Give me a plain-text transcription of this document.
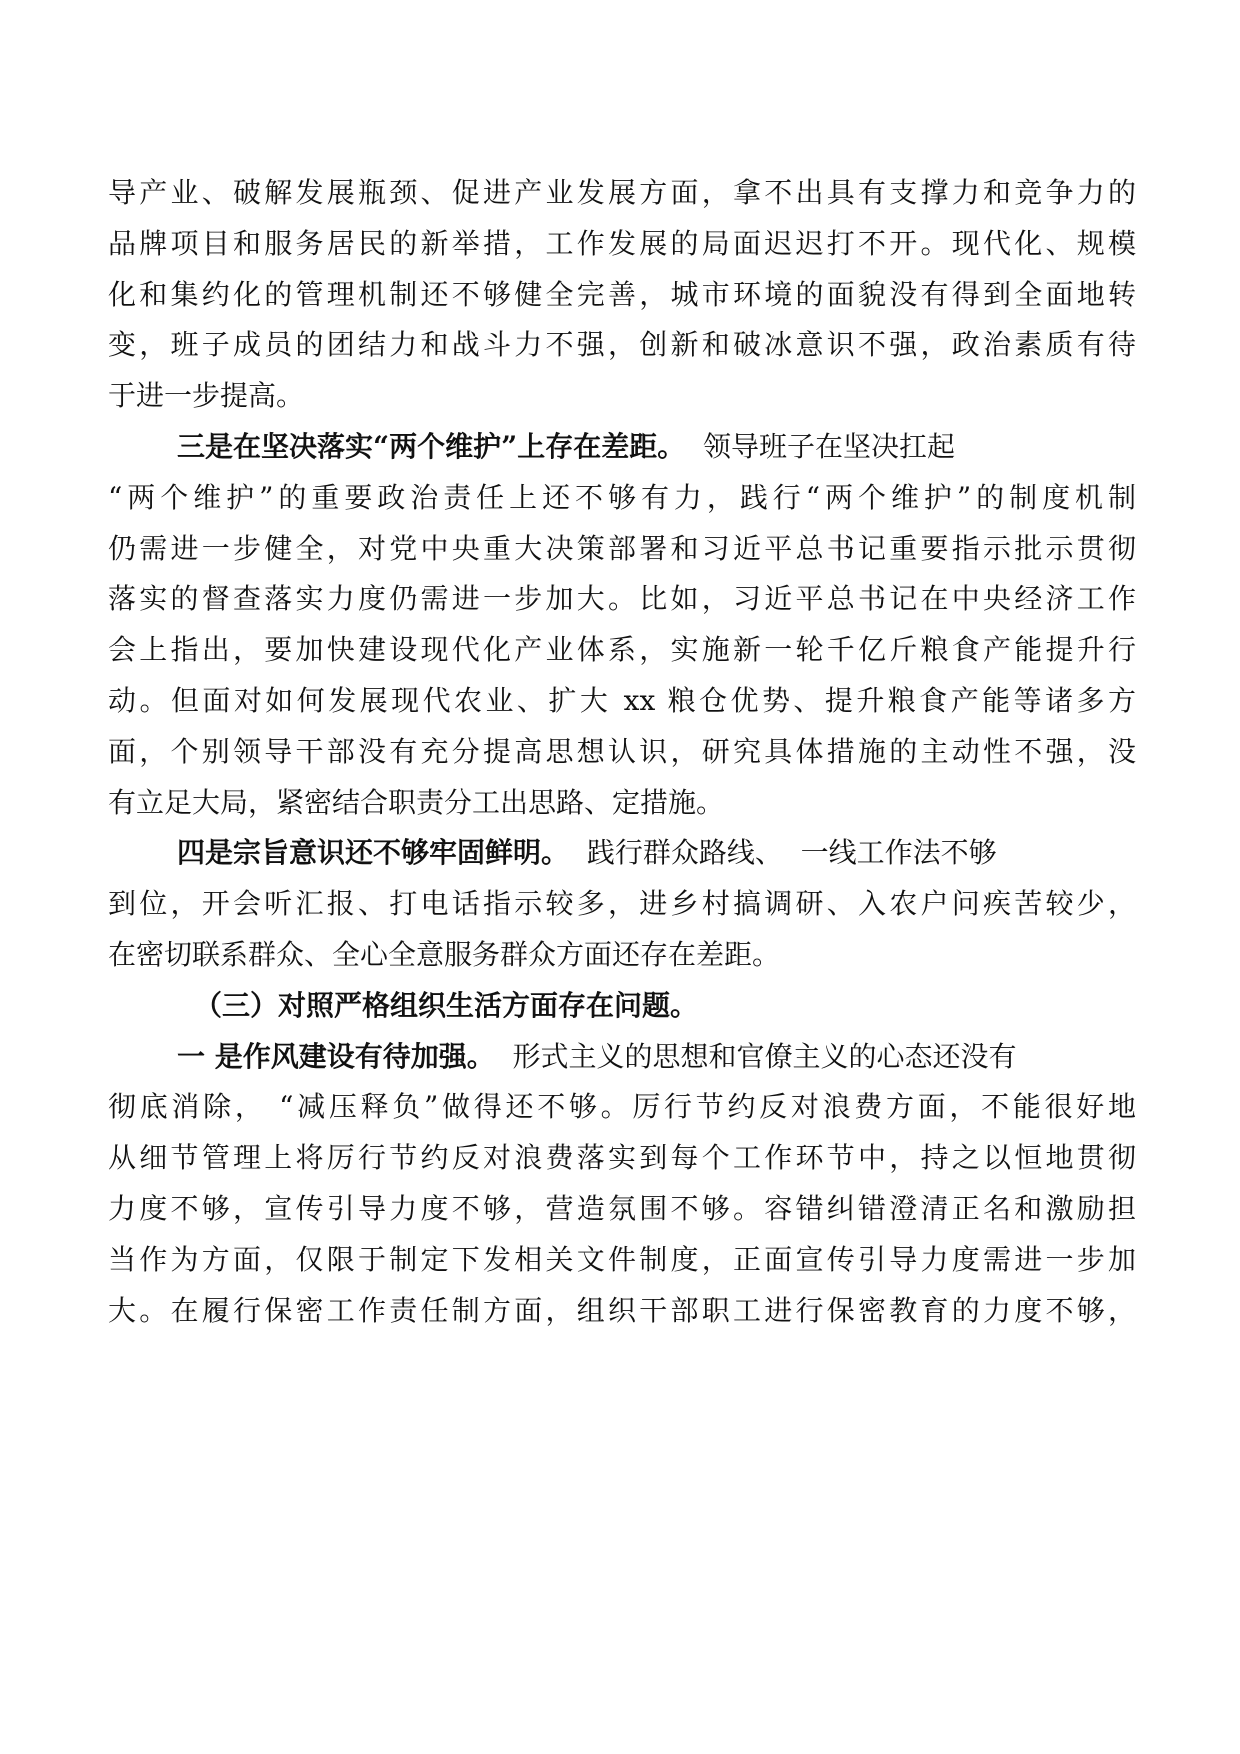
导产业、破解发展瓶颈、促进产业发展方面，拿不出具有支撑力和竞争力的
品牌项目和服务居民的新举措，工作发展的局面迟迟打不开。现代化、规模
化和集约化的管理机制还不够健全完善，城市环境的面貌没有得到全面地转
变，班子成员的团结力和战斗力不强，创新和破冰意识不强，政治素质有待
于进一步提高。
三是在坚决落实“两个维护”上存在差距。  领导班子在坚决扛起
“两个维护”的重要政治责任上还不够有力，践行“两个维护”的制度机制
仍需进一步健全，对党中央重大决策部署和习近平总书记重要指示批示贯彻
落实的督查落实力度仍需进一步加大。比如，习近平总书记在中央经济工作
会上指出，要加快建设现代化产业体系，实施新一轮千亿斤粮食产能提升行
动。但面对如何发展现代农业、扩大 xx 粮仓优势、提升粮食产能等诸多方
面，个别领导干部没有充分提高思想认识，研究具体措施的主动性不强，没
有立足大局，紧密结合职责分工出思路、定措施。
四是宗旨意识还不够牢固鲜明。  践行群众路线、  一线工作法不够
到位，开会听汇报、打电话指示较多，进乡村搞调研、入农户问疾苦较少，
在密切联系群众、全心全意服务群众方面还存在差距。
（三）对照严格组织生活方面存在问题。
一 是作风建设有待加强。  形式主义的思想和官僚主义的心态还没有
彻底消除， “减压释负”做得还不够。厉行节约反对浪费方面，不能很好地
从细节管理上将厉行节约反对浪费落实到每个工作环节中，持之以恒地贯彻
力度不够，宣传引导力度不够，营造氛围不够。容错纠错澄清正名和激励担
当作为方面，仅限于制定下发相关文件制度，正面宣传引导力度需进一步加
大。在履行保密工作责任制方面，组织干部职工进行保密教育的力度不够，
